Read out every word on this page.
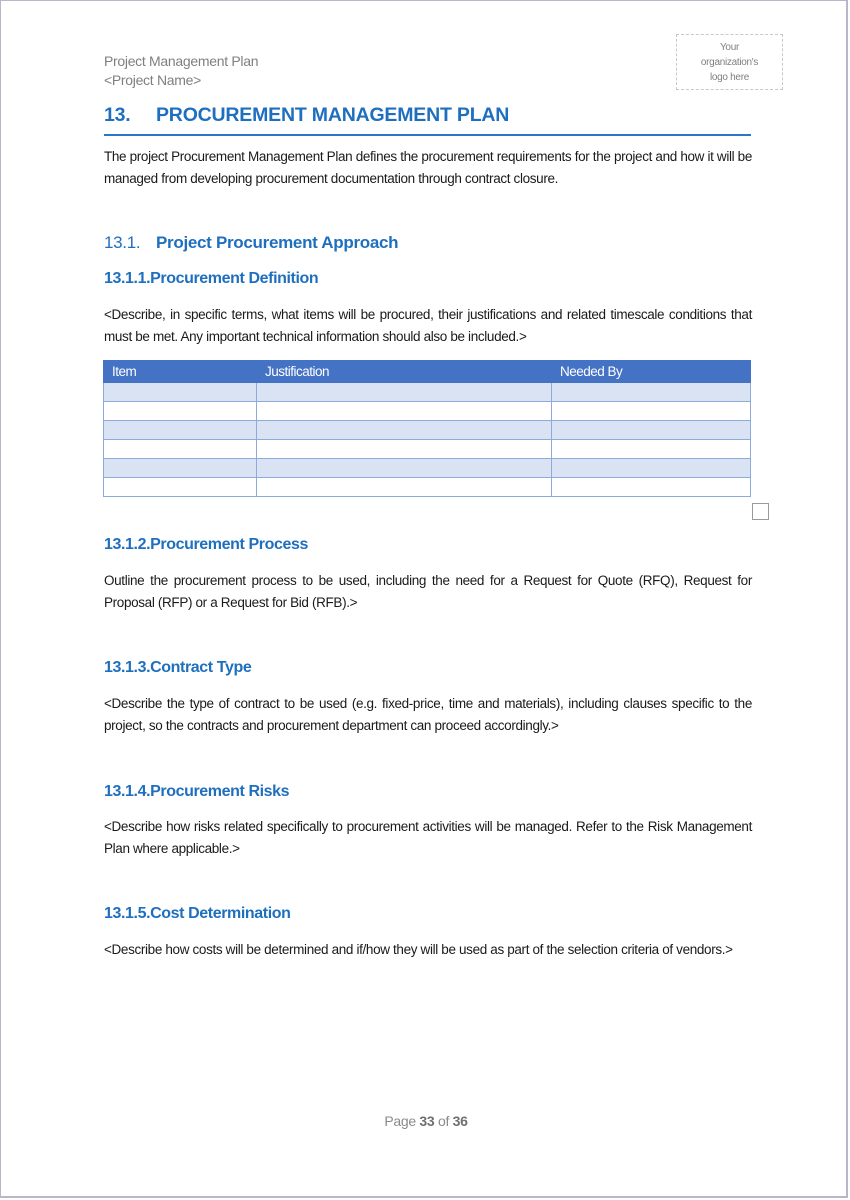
Project Management Plan
<Project Name>
Your
organization's
logo here
13. PROCUREMENT MANAGEMENT PLAN
The project Procurement Management Plan defines the procurement requirements for the project and how it will be managed from developing procurement documentation through contract closure.
13.1. Project Procurement Approach
13.1.1.Procurement Definition
<Describe, in specific terms, what items will be procured, their justifications and related timescale conditions that must be met. Any important technical information should also be included.>
Item	Justification	Needed By

13.1.2.Procurement Process
Outline the procurement process to be used, including the need for a Request for Quote (RFQ), Request for Proposal (RFP) or a Request for Bid (RFB).>
13.1.3.Contract Type
<Describe the type of contract to be used (e.g. fixed-price, time and materials), including clauses specific to the project, so the contracts and procurement department can proceed accordingly.>
13.1.4.Procurement Risks
<Describe how risks related specifically to procurement activities will be managed. Refer to the Risk Management Plan where applicable.>
13.1.5.Cost Determination
<Describe how costs will be determined and if/how they will be used as part of the selection criteria of vendors.>
Page 33 of 36
